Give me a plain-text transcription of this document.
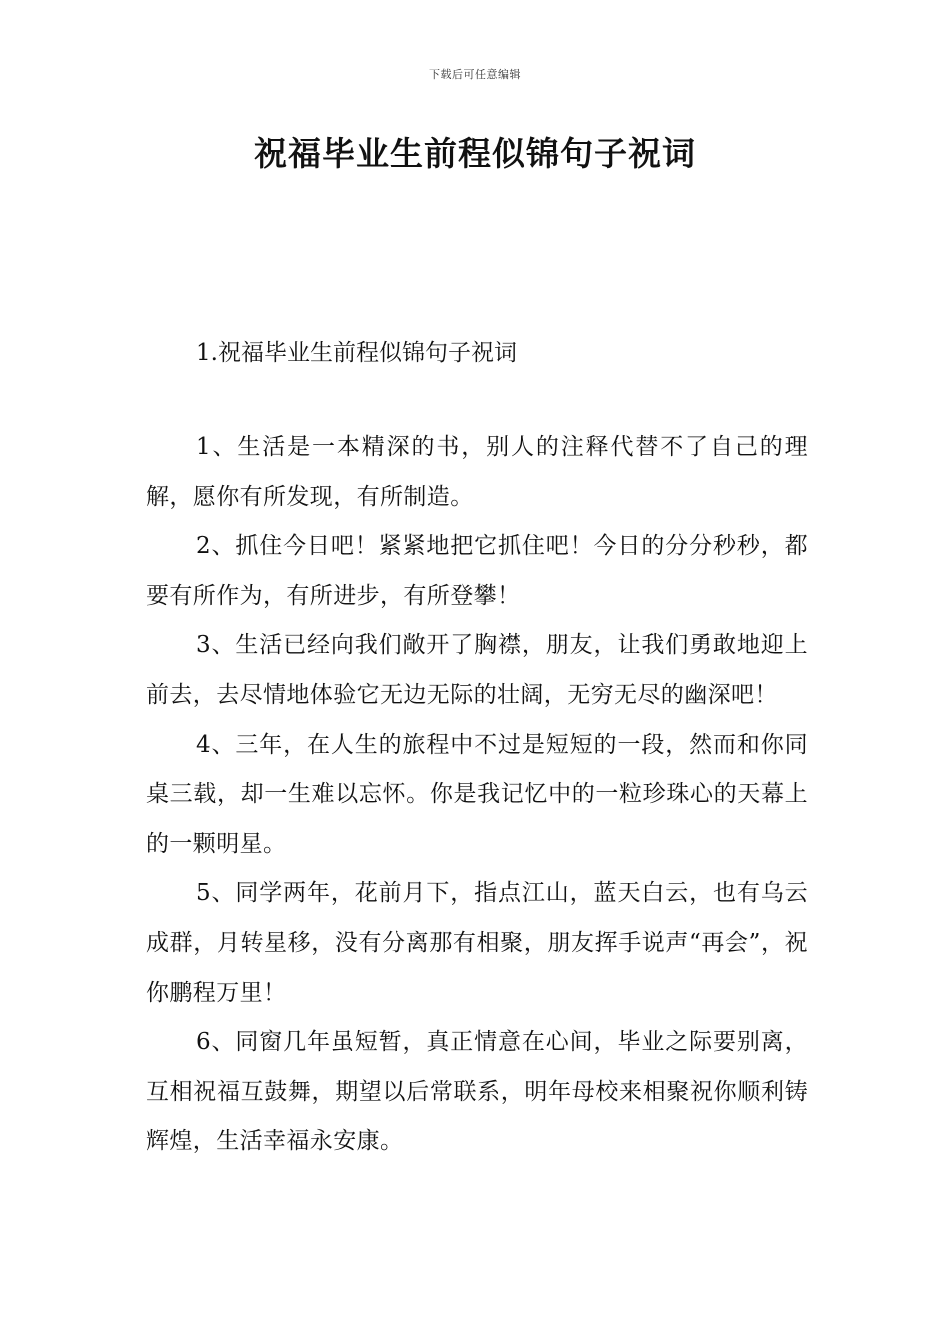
下载后可任意编辑
祝福毕业生前程似锦句子祝词
1.祝福毕业生前程似锦句子祝词

1、生活是一本精深的书，别人的注释代替不了自己的理解，愿你有所发现，有所制造。

2、抓住今日吧！紧紧地把它抓住吧！今日的分分秒秒，都要有所作为，有所进步，有所登攀！

3、生活已经向我们敞开了胸襟，朋友，让我们勇敢地迎上前去，去尽情地体验它无边无际的壮阔，无穷无尽的幽深吧！

4、三年，在人生的旅程中不过是短短的一段，然而和你同桌三载，却一生难以忘怀。你是我记忆中的一粒珍珠心的天幕上的一颗明星。

5、同学两年，花前月下，指点江山，蓝天白云，也有乌云成群，月转星移，没有分离那有相聚，朋友挥手说声“再会”，祝你鹏程万里！

6、同窗几年虽短暂，真正情意在心间，毕业之际要别离，互相祝福互鼓舞，期望以后常联系，明年母校来相聚祝你顺利铸辉煌，生活幸福永安康。
